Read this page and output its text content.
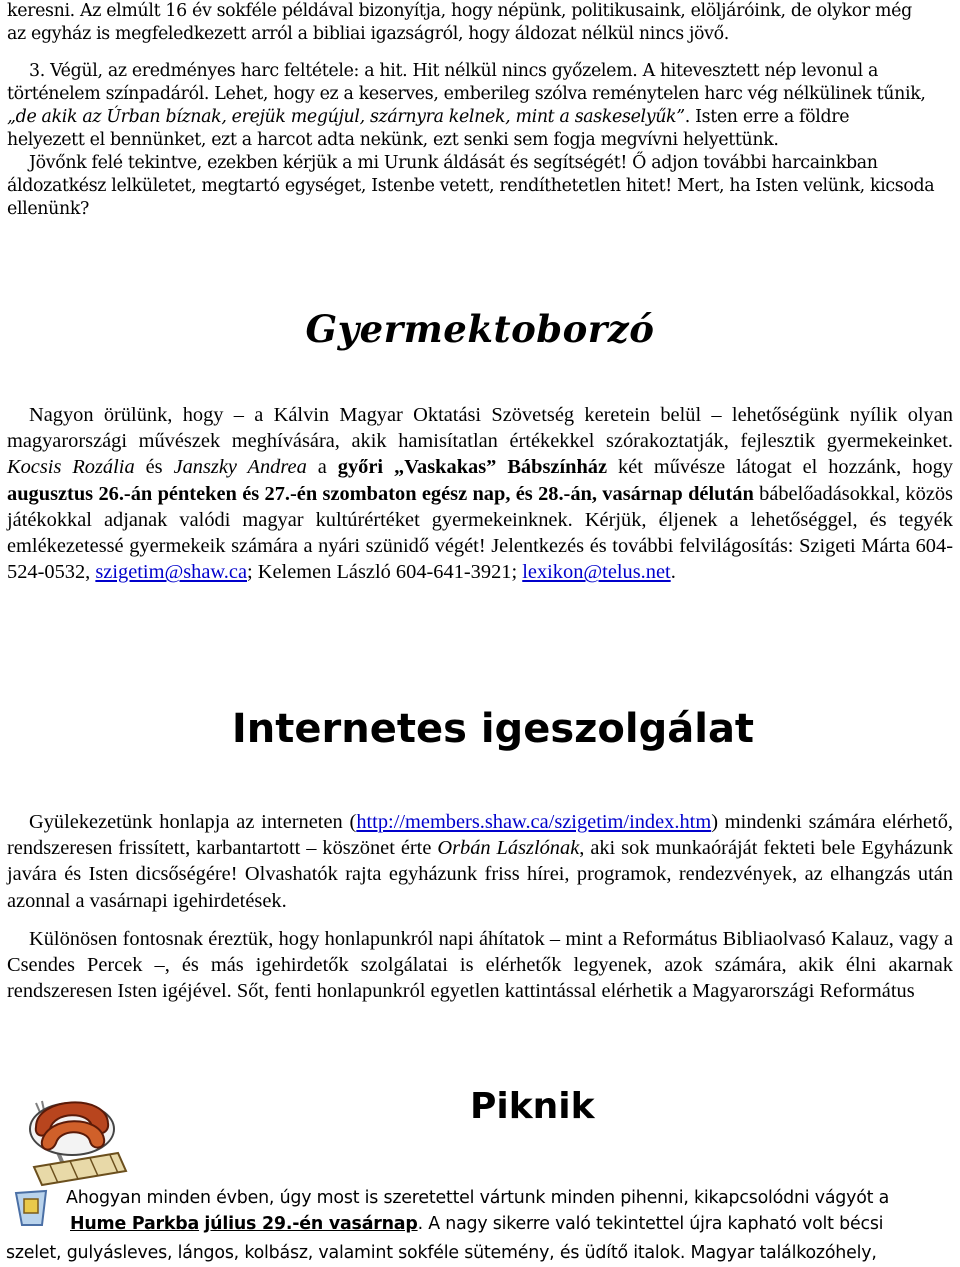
keresni. Az elmúlt 16 év sokféle példával bizonyítja, hogy népünk, politikusaink, elöljáróink, de olykor még

az egyház is megfeledkezett arról a bibliai igazságról, hogy áldozat nélkül nincs jövő.

3. Végül, az eredményes harc feltétele: a hit. Hit nélkül nincs győzelem. A hitevesztett nép levonul a

történelem színpadáról. Lehet, hogy ez a keserves, emberileg szólva reménytelen harc vég nélkülinek tűnik,

„de akik az Úrban bíznak, erejük megújul, szárnyra kelnek, mint a saskeselyűk”. Isten erre a földre

helyezett el bennünket, ezt a harcot adta nekünk, ezt senki sem fogja megvívni helyettünk.

Jövőnk felé tekintve, ezekben kérjük a mi Urunk áldását és segítségét! Ő adjon további harcainkban

áldozatkész lelkületet, megtartó egységet, Istenbe vetett, rendíthetetlen hitet! Mert, ha Isten velünk, kicsoda

ellenünk?

Gyermektoborzó

Nagyon örülünk, hogy – a Kálvin Magyar Oktatási Szövetség keretein belül – lehetőségünk nyílik olyan magyarországi művészek meghívására, akik hamisítatlan értékekkel szórakoztatják, fejlesztik gyermekeinket. Kocsis Rozália és Janszky Andrea a győri „Vaskakas” Bábszínház két művésze látogat el hozzánk, hogy augusztus 26.-án pénteken és 27.-én szombaton egész nap, és 28.-án, vasárnap délután bábelőadásokkal, közös játékokkal adjanak valódi magyar kultúrértéket gyermekeinknek. Kérjük, éljenek a lehetőséggel, és tegyék emlékezetessé gyermekeik számára a nyári szünidő végét! Jelentkezés és további felvilágosítás: Szigeti Márta 604-524-0532, szigetim@shaw.ca; Kelemen László 604-641-3921; lexikon@telus.net.

Internetes igeszolgálat

Gyülekezetünk honlapja az interneten (http://members.shaw.ca/szigetim/index.htm) mindenki számára elérhető, rendszeresen frissített, karbantartott – köszönet érte Orbán Lászlónak, aki sok munkaóráját fekteti bele Egyházunk javára és Isten dicsőségére! Olvashatók rajta egyházunk friss hírei, programok, rendezvények, az elhangzás után azonnal a vasárnapi igehirdetések.

Különösen fontosnak éreztük, hogy honlapunkról napi áhítatok – mint a Református Bibliaolvasó Kalauz, vagy a Csendes Percek –, és más igehirdetők szolgálatai is elérhetők legyenek, azok számára, akik élni akarnak rendszeresen Isten igéjével. Sőt, fenti honlapunkról egyetlen kattintással elérhetik a Magyarországi Református

Piknik
Ahogyan minden évben, úgy most is szeretettel vártunk minden pihenni, kikapcsolódni vágyót a
Hume Parkba július 29.-én vasárnap. A nagy sikerre való tekintettel újra kapható volt bécsi
szelet, gulyásleves, lángos, kolbász, valamint sokféle sütemény, és üdítő italok. Magyar találkozóhely,
